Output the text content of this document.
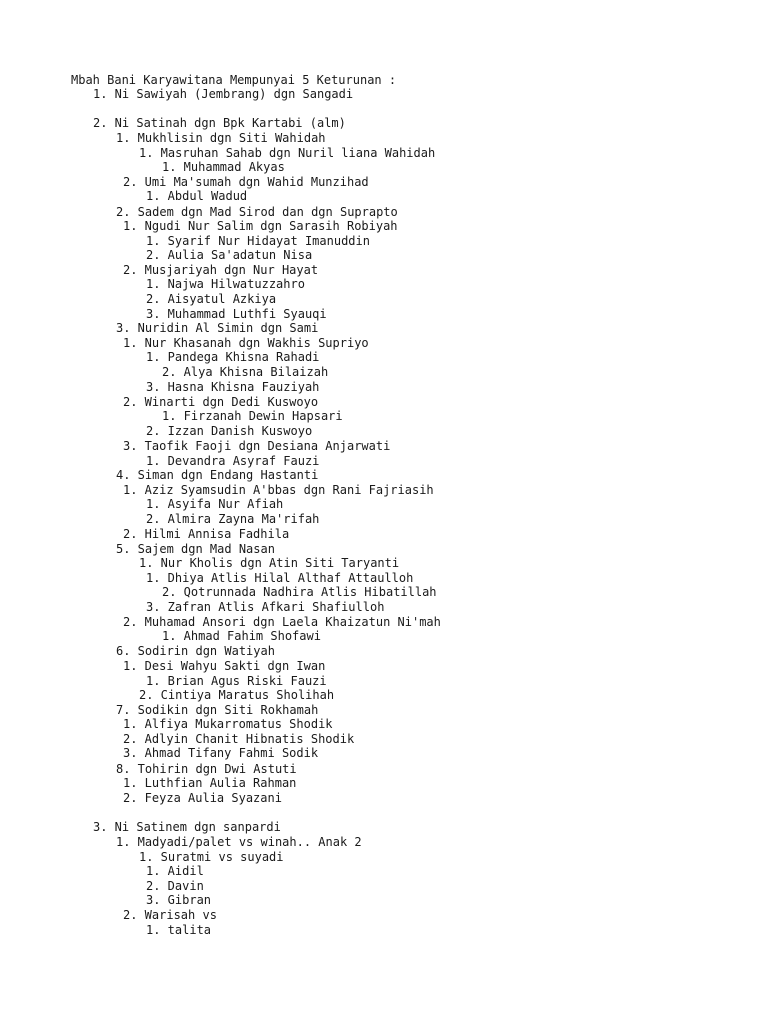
Mbah Bani Karyawitana Mempunyai 5 Keturunan :
1. Ni Sawiyah (Jembrang) dgn Sangadi
2. Ni Satinah dgn Bpk Kartabi (alm)
1. Mukhlisin dgn Siti Wahidah
1. Masruhan Sahab dgn Nuril liana Wahidah
1. Muhammad Akyas
2. Umi Ma'sumah dgn Wahid Munzihad
1. Abdul Wadud
2. Sadem dgn Mad Sirod dan dgn Suprapto
1. Ngudi Nur Salim dgn Sarasih Robiyah
1. Syarif Nur Hidayat Imanuddin
2. Aulia Sa'adatun Nisa
2. Musjariyah dgn Nur Hayat
1. Najwa Hilwatuzzahro
2. Aisyatul Azkiya
3. Muhammad Luthfi Syauqi
3. Nuridin Al Simin dgn Sami
1. Nur Khasanah dgn Wakhis Supriyo
1. Pandega Khisna Rahadi
2. Alya Khisna Bilaizah
3. Hasna Khisna Fauziyah
2. Winarti dgn Dedi Kuswoyo
1. Firzanah Dewin Hapsari
2. Izzan Danish Kuswoyo
3. Taofik Faoji dgn Desiana Anjarwati
1. Devandra Asyraf Fauzi
4. Siman dgn Endang Hastanti
1. Aziz Syamsudin A'bbas dgn Rani Fajriasih
1. Asyifa Nur Afiah
2. Almira Zayna Ma'rifah
2. Hilmi Annisa Fadhila
5. Sajem dgn Mad Nasan
1. Nur Kholis dgn Atin Siti Taryanti
1. Dhiya Atlis Hilal Althaf Attaulloh
2. Qotrunnada Nadhira Atlis Hibatillah
3. Zafran Atlis Afkari Shafiulloh
2. Muhamad Ansori dgn Laela Khaizatun Ni'mah
1. Ahmad Fahim Shofawi
6. Sodirin dgn Watiyah
1. Desi Wahyu Sakti dgn Iwan
1. Brian Agus Riski Fauzi
2. Cintiya Maratus Sholihah
7. Sodikin dgn Siti Rokhamah
1. Alfiya Mukarromatus Shodik
2. Adlyin Chanit Hibnatis Shodik
3. Ahmad Tifany Fahmi Sodik
8. Tohirin dgn Dwi Astuti
1. Luthfian Aulia Rahman
2. Feyza Aulia Syazani
3. Ni Satinem dgn sanpardi
1. Madyadi/palet vs winah.. Anak 2
1. Suratmi vs suyadi
1. Aidil
2. Davin
3. Gibran
2. Warisah vs
1. talita
